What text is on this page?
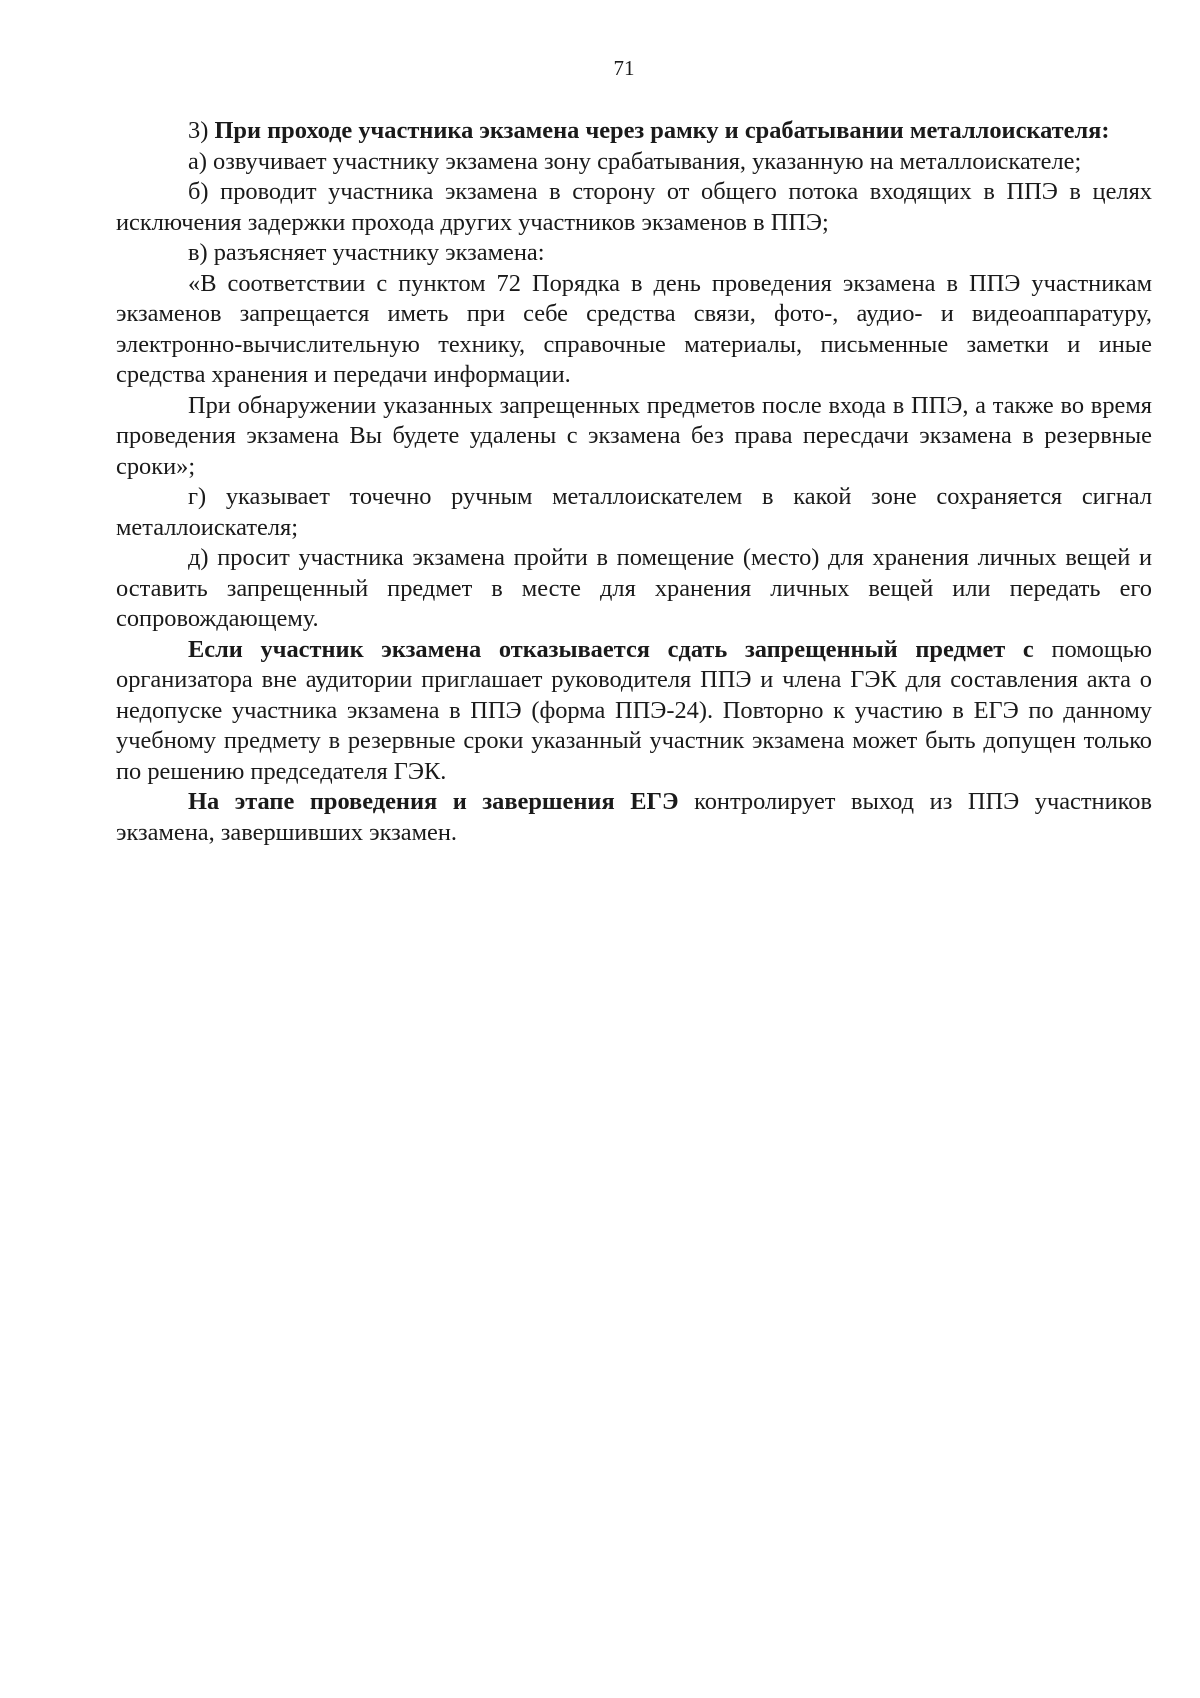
71

3) При проходе участника экзамена через рамку и срабатывании металлоискателя:

а) озвучивает участнику экзамена зону срабатывания, указанную на металлоискателе;

б) проводит участника экзамена в сторону от общего потока входящих в ППЭ в целях исключения задержки прохода других участников экзаменов в ППЭ;

в) разъясняет участнику экзамена:

«В соответствии с пунктом 72 Порядка в день проведения экзамена в ППЭ участникам экзаменов запрещается иметь при себе средства связи, фото-, аудио- и видеоаппаратуру, электронно-вычислительную технику, справочные материалы, письменные заметки и иные средства хранения и передачи информации.

При обнаружении указанных запрещенных предметов после входа в ППЭ, а также во время проведения экзамена Вы будете удалены с экзамена без права пересдачи экзамена в резервные сроки»;

г) указывает точечно ручным металлоискателем в какой зоне сохраняется сигнал металлоискателя;

д) просит участника экзамена пройти в помещение (место) для хранения личных вещей и оставить запрещенный предмет в месте для хранения личных вещей или передать его сопровождающему.

Если участник экзамена отказывается сдать запрещенный предмет с помощью организатора вне аудитории приглашает руководителя ППЭ и члена ГЭК для составления акта о недопуске участника экзамена в ППЭ (форма ППЭ-24). Повторно к участию в ЕГЭ по данному учебному предмету в резервные сроки указанный участник экзамена может быть допущен только по решению председателя ГЭК.

На этапе проведения и завершения ЕГЭ контролирует выход из ППЭ участников экзамена, завершивших экзамен.
